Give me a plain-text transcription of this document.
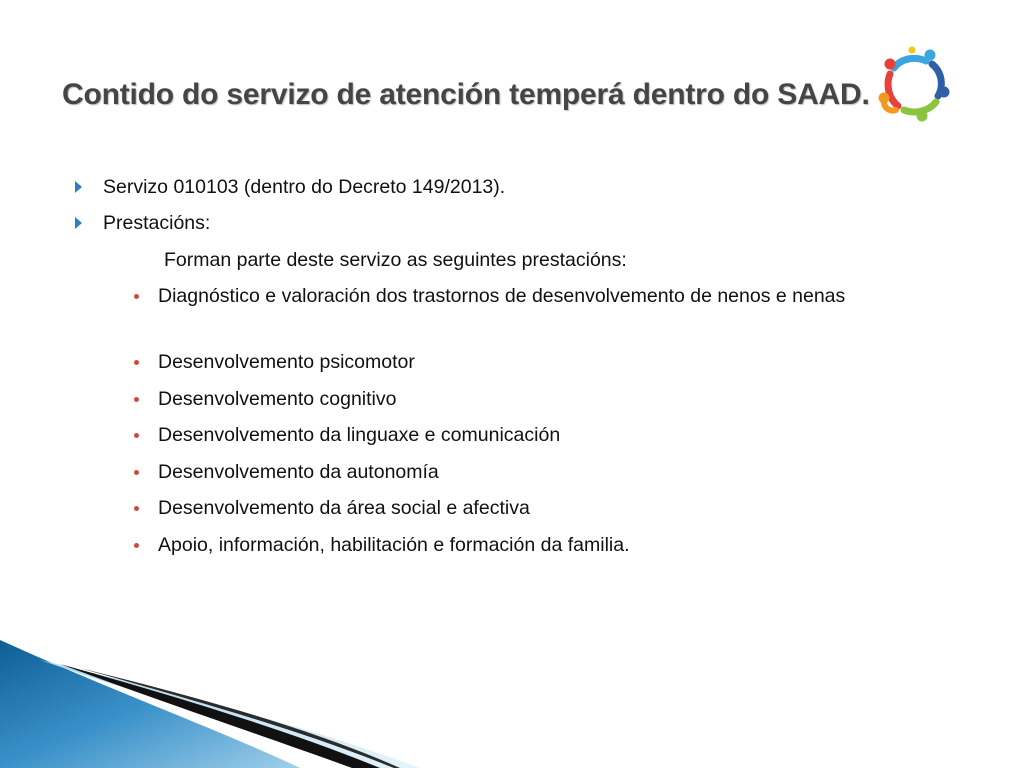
Contido do servizo de atención temperá dentro do SAAD.
Servizo 010103 (dentro do Decreto 149/2013).
Prestacións:
Forman parte deste servizo as seguintes prestacións:
Diagnóstico e valoración dos trastornos de desenvolvemento de nenos e nenas
Desenvolvemento psicomotor
Desenvolvemento cognitivo
Desenvolvemento da linguaxe e comunicación
Desenvolvemento da autonomía
Desenvolvemento da área social e afectiva
Apoio, información, habilitación e formación da familia.
